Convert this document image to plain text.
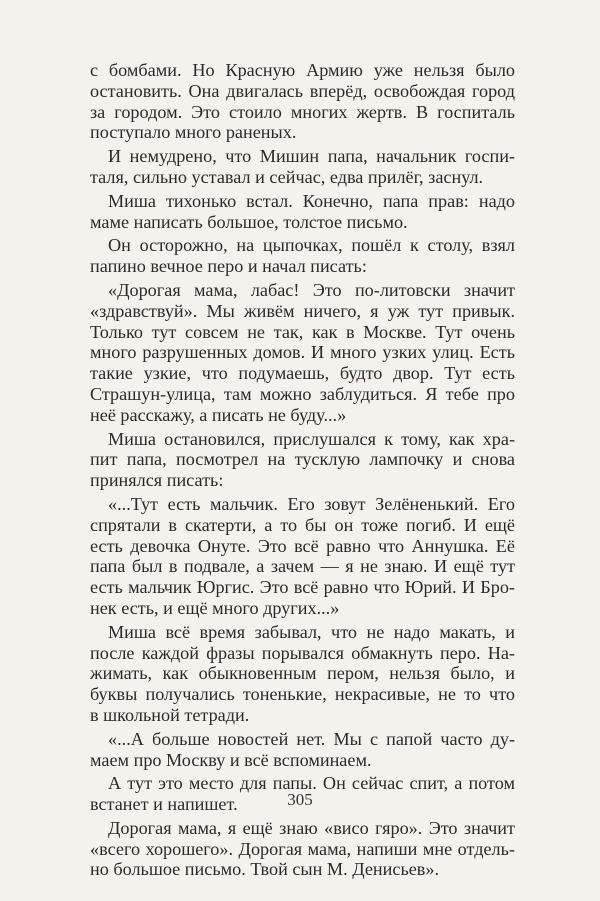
с бомбами. Но Красную Армию уже нельзя было
остановить. Она двигалась вперёд, освобождая город
за городом. Это стоило многих жертв. В госпиталь
поступало много раненых.
И немудрено, что Мишин папа, начальник госпи-
таля, сильно уставал и сейчас, едва прилёг, заснул.
Миша тихонько встал. Конечно, папа прав: надо
маме написать большое, толстое письмо.
Он осторожно, на цыпочках, пошёл к столу, взял
папино вечное перо и начал писать:
«Дорогая мама, лабас! Это по-литовски значит
«здравствуй». Мы живём ничего, я уж тут привык.
Только тут совсем не так, как в Москве. Тут очень
много разрушенных домов. И много узких улиц. Есть
такие узкие, что подумаешь, будто двор. Тут есть
Страшун-улица, там можно заблудиться. Я тебе про
неё расскажу, а писать не буду...»
Миша остановился, прислушался к тому, как хра-
пит папа, посмотрел на тусклую лампочку и снова
принялся писать:
«...Тут есть мальчик. Его зовут Зелёненький. Его
спрятали в скатерти, а то бы он тоже погиб. И ещё
есть девочка Онуте. Это всё равно что Аннушка. Её
папа был в подвале, а зачем — я не знаю. И ещё тут
есть мальчик Юргис. Это всё равно что Юрий. И Бро-
нек есть, и ещё много других...»
Миша всё время забывал, что не надо макать, и
после каждой фразы порывался обмакнуть перо. На-
жимать, как обыкновенным пером, нельзя было, и
буквы получались тоненькие, некрасивые, не то что
в школьной тетради.
«...А больше новостей нет. Мы с папой часто ду-
маем про Москву и всё вспоминаем.
А тут это место для папы. Он сейчас спит, а потом
встанет и напишет.
Дорогая мама, я ещё знаю «висо гяро». Это значит
«всего хорошего». Дорогая мама, напиши мне отдель-
но большое письмо. Твой сын М. Денисьев».
305
